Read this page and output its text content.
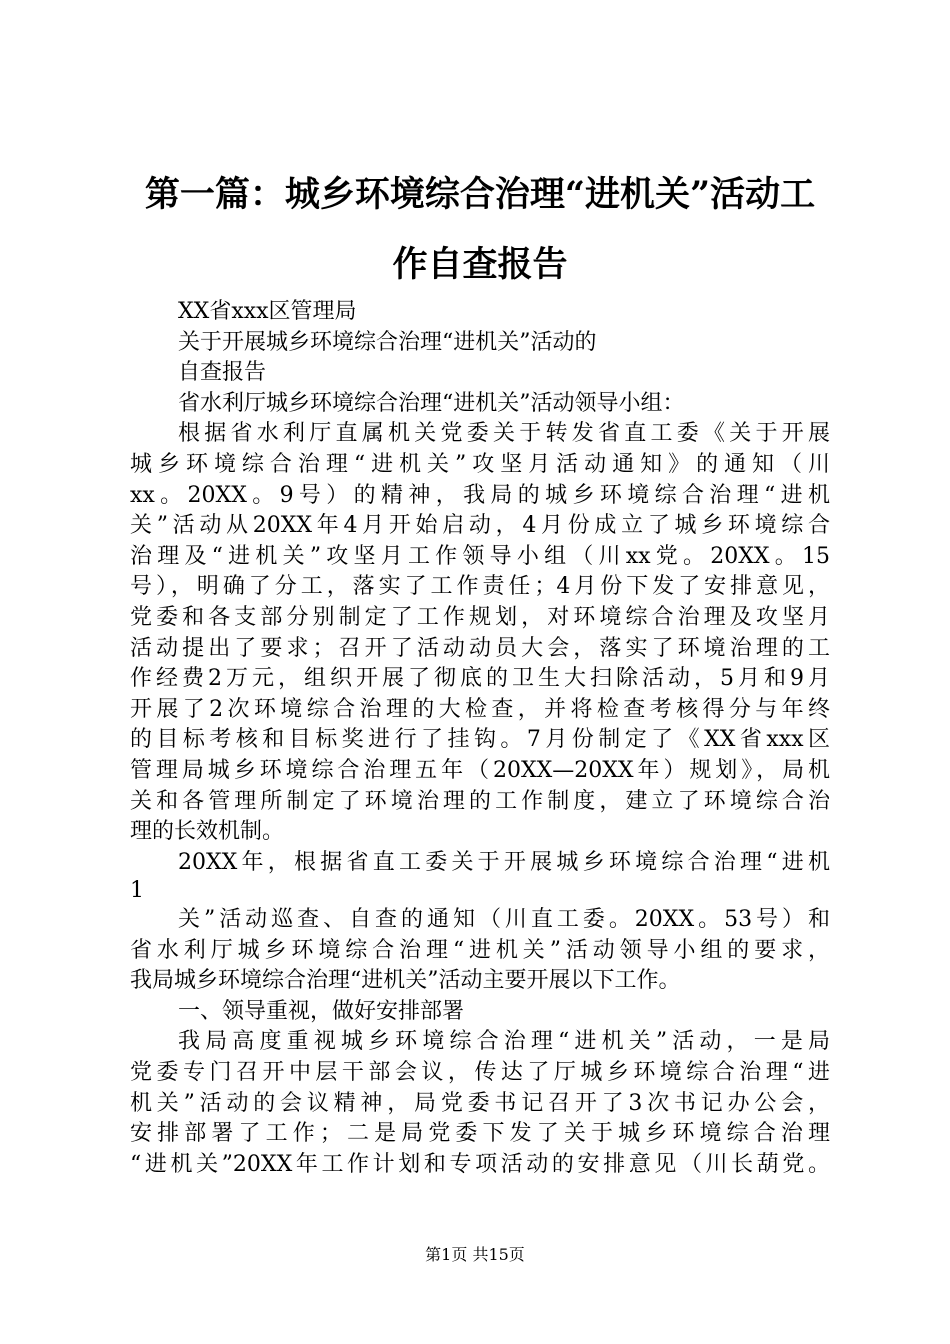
第一篇：城乡环境综合治理“进机关”活动工
作自查报告
XX省xxx区管理局
关于开展城乡环境综合治理“进机关”活动的
自查报告
省水利厅城乡环境综合治理“进机关”活动领导小组：
根据省水利厅直属机关党委关于转发省直工委《关于开展
城乡环境综合治理“进机关”攻坚月活动通知》的通知（川
xx。20XX。9号）的精神，我局的城乡环境综合治理“进机
关”活动从20XX年4月开始启动，4月份成立了城乡环境综合
治理及“进机关”攻坚月工作领导小组（川xx党。20XX。15
号），明确了分工，落实了工作责任；4月份下发了安排意见，
党委和各支部分别制定了工作规划，对环境综合治理及攻坚月
活动提出了要求；召开了活动动员大会，落实了环境治理的工
作经费2万元，组织开展了彻底的卫生大扫除活动，5月和9月
开展了2次环境综合治理的大检查，并将检查考核得分与年终
的目标考核和目标奖进行了挂钩。7月份制定了《XX省xxx区
管理局城乡环境综合治理五年（20XX—20XX年）规划》，局机
关和各管理所制定了环境治理的工作制度，建立了环境综合治
理的长效机制。
20XX年，根据省直工委关于开展城乡环境综合治理“进机
1
关”活动巡查、自查的通知（川直工委。20XX。53号）和
省水利厅城乡环境综合治理“进机关”活动领导小组的要求，
我局城乡环境综合治理“进机关”活动主要开展以下工作。
一、领导重视，做好安排部署
我局高度重视城乡环境综合治理“进机关”活动，一是局
党委专门召开中层干部会议，传达了厅城乡环境综合治理“进
机关”活动的会议精神，局党委书记召开了3次书记办公会，
安排部署了工作；二是局党委下发了关于城乡环境综合治理
“进机关”20XX年工作计划和专项活动的安排意见（川长葫党。
第1页 共15页
